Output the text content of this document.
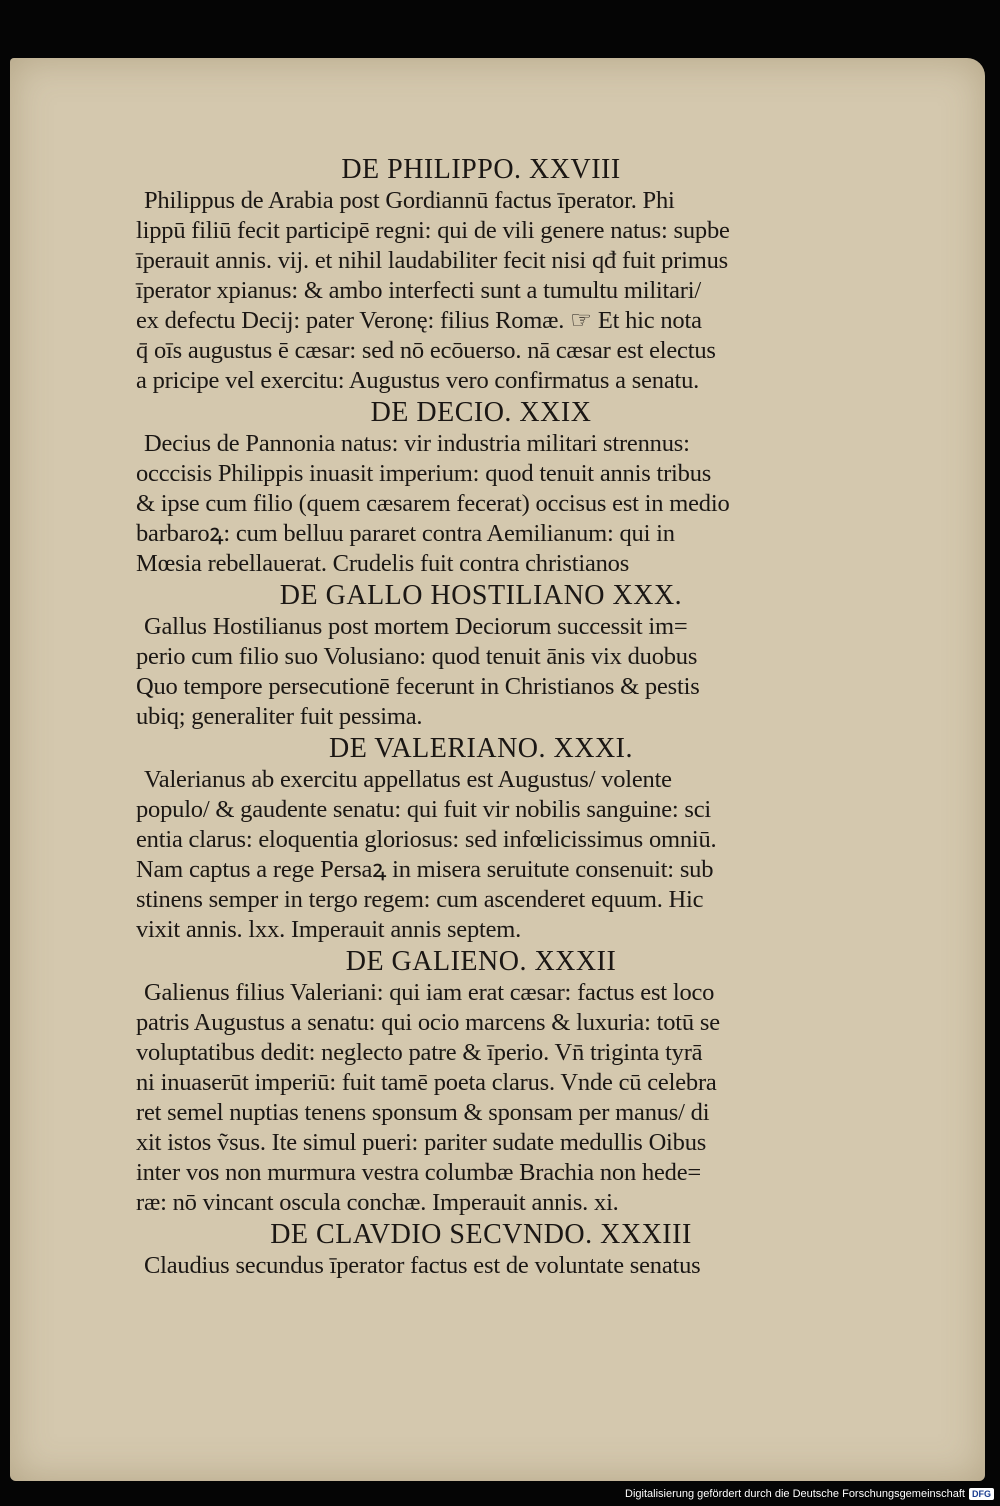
DE PHILIPPO. XXVIII
Philippus de Arabia post Gordiannū factus īperator. Phi
lippū filiū fecit participē regni: qui de vili genere natus: supbe
īperauit annis. vij. et nihil laudabiliter fecit nisi qđ fuit primus
īperator xpianus: & ambo interfecti sunt a tumultu militari/
ex defectu Decij: pater Veronę: filius Romæ. ☞ Et hic nota
q̄ oīs augustus ē cæsar: sed nō ecōuerso. nā cæsar est electus
a pricipe vel exercitu: Augustus vero confirmatus a senatu.
DE DECIO. XXIX
Decius de Pannonia natus: vir industria militari strennus:
occcisis Philippis inuasit imperium: quod tenuit annis tribus
& ipse cum filio (quem cæsarem fecerat) occisus est in medio
barbaroꝝ: cum belluu pararet contra Aemilianum: qui in
Mœsia rebellauerat. Crudelis fuit contra christianos
DE GALLO HOSTILIANO XXX.
Gallus Hostilianus post mortem Deciorum successit im=
perio cum filio suo Volusiano: quod tenuit ānis vix duobus
Quo tempore persecutionē fecerunt in Christianos & pestis
ubiq; generaliter fuit pessima.
DE VALERIANO. XXXI.
Valerianus ab exercitu appellatus est Augustus/ volente
populo/ & gaudente senatu: qui fuit vir nobilis sanguine: sci
entia clarus: eloquentia gloriosus: sed infœlicissimus omniū.
Nam captus a rege Persaꝝ in misera seruitute consenuit: sub
stinens semper in tergo regem: cum ascenderet equum. Hic
vixit annis. lxx. Imperauit annis septem.
DE GALIENO. XXXII
Galienus filius Valeriani: qui iam erat cæsar: factus est loco
patris Augustus a senatu: qui ocio marcens & luxuria: totū se
voluptatibus dedit: neglecto patre & īperio. Vn̄ triginta tyrā
ni inuaserūt imperiū: fuit tamē poeta clarus. Vnde cū celebra
ret semel nuptias tenens sponsum & sponsam per manus/ di
xit istos ṽsus. Ite simul pueri: pariter sudate medullis Oibus
inter vos non murmura vestra columbæ Brachia non hede=
ræ: nō vincant oscula conchæ. Imperauit annis. xi.
DE CLAVDIO SECVNDO. XXXIII
Claudius secundus īperator factus est de voluntate senatus
Digitalisierung gefördert durch die Deutsche Forschungsgemeinschaft DFG
